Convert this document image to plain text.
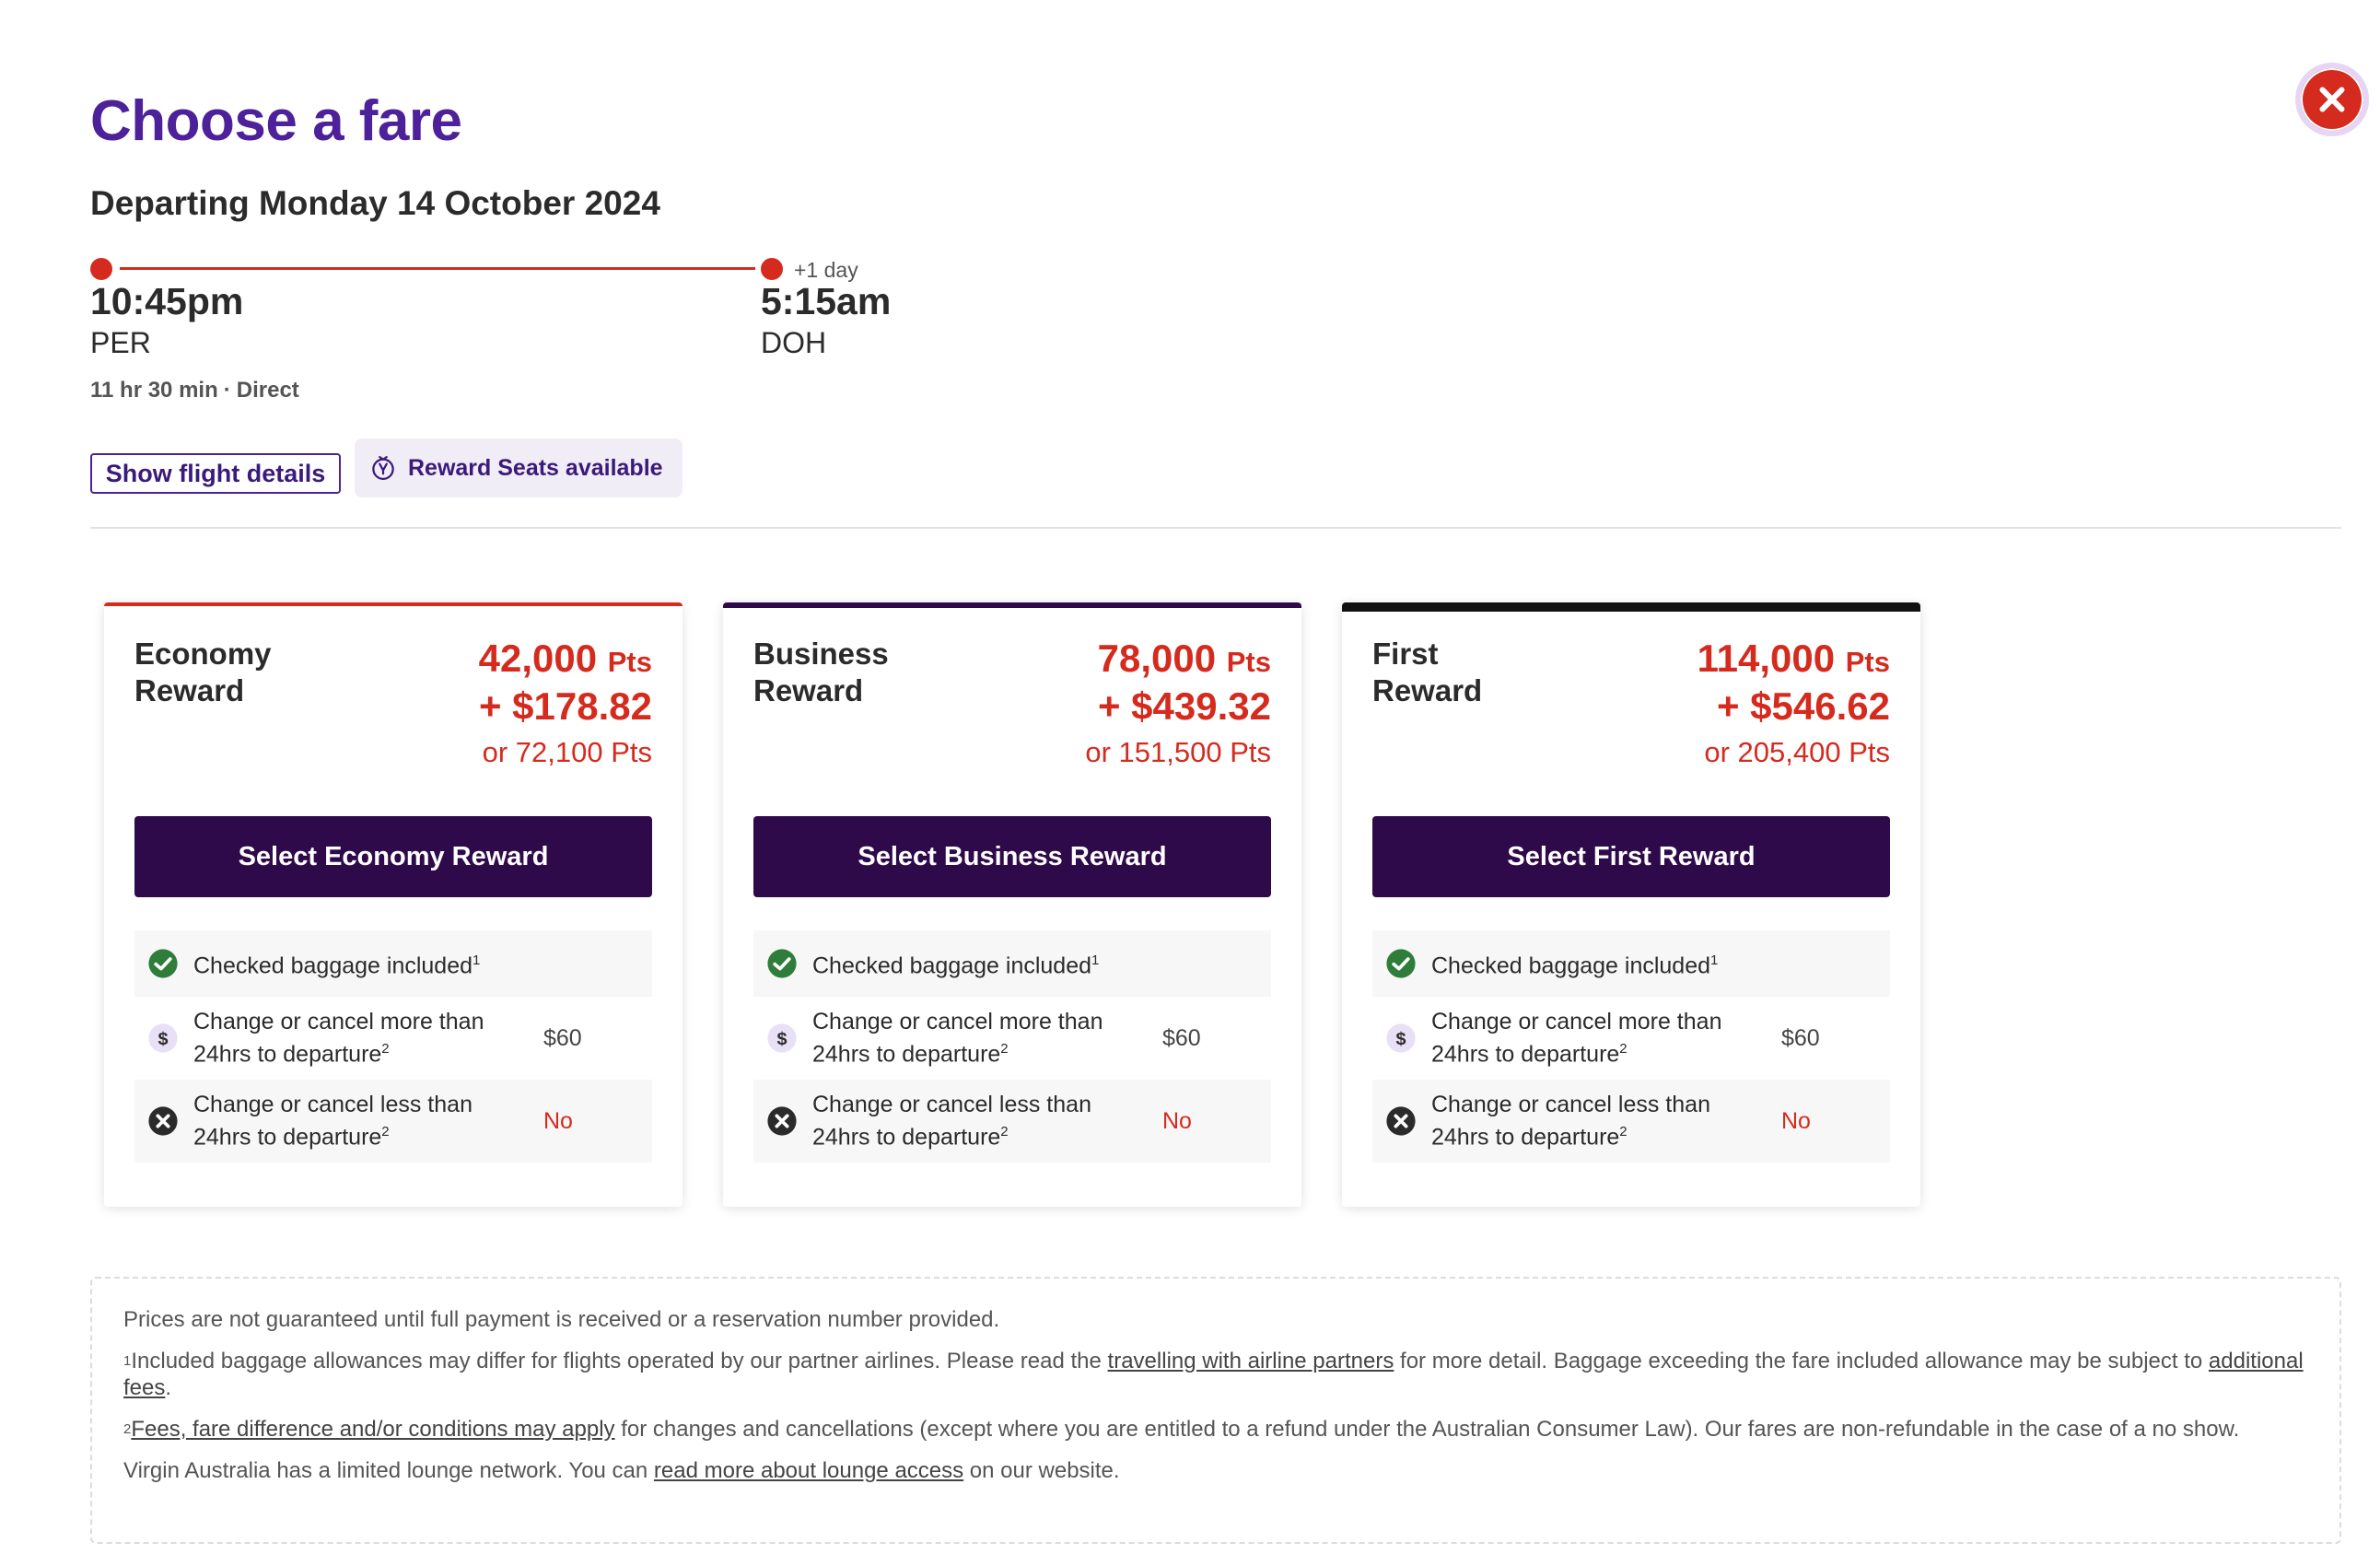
Choose a fare
Departing Monday 14 October 2024
+1 day
10:45pm	5:15am
PER	DOH
11 hr 30 min · Direct
Show flight details	Reward Seats available
Economy
Reward
42,000 Pts
+ $178.82
or 72,100 Pts
Select Economy Reward
Checked baggage included$^1$
$
Change or cancel more than
24hrs to departure$^2$	$60
Change or cancel less than
24hrs to departure$^2$	No
Business
Reward
78,000 Pts
+ $439.32
or 151,500 Pts
Select Business Reward
Checked baggage included$^1$
$
Change or cancel more than
24hrs to departure$^2$	$60
Change or cancel less than
24hrs to departure$^2$	No
First
Reward
114,000 Pts
+ $546.62
or 205,400 Pts
Select First Reward
Checked baggage included$^1$
$
Change or cancel more than
24hrs to departure$^2$	$60
Change or cancel less than
24hrs to departure$^2$	No

Prices are not guaranteed until full payment is received or a reservation number provided.

$^1$Included baggage allowances may differ for flights operated by our partner airlines. Please read the travelling with airline partners for more detail. Baggage exceeding the fare included allowance may be subject to additional fees.

$^2$Fees, fare difference and/or conditions may apply for changes and cancellations (except where you are entitled to a refund under the Australian Consumer Law). Our fares are non-refundable in the case of a no show.

Virgin Australia has a limited lounge network. You can read more about lounge access on our website.
